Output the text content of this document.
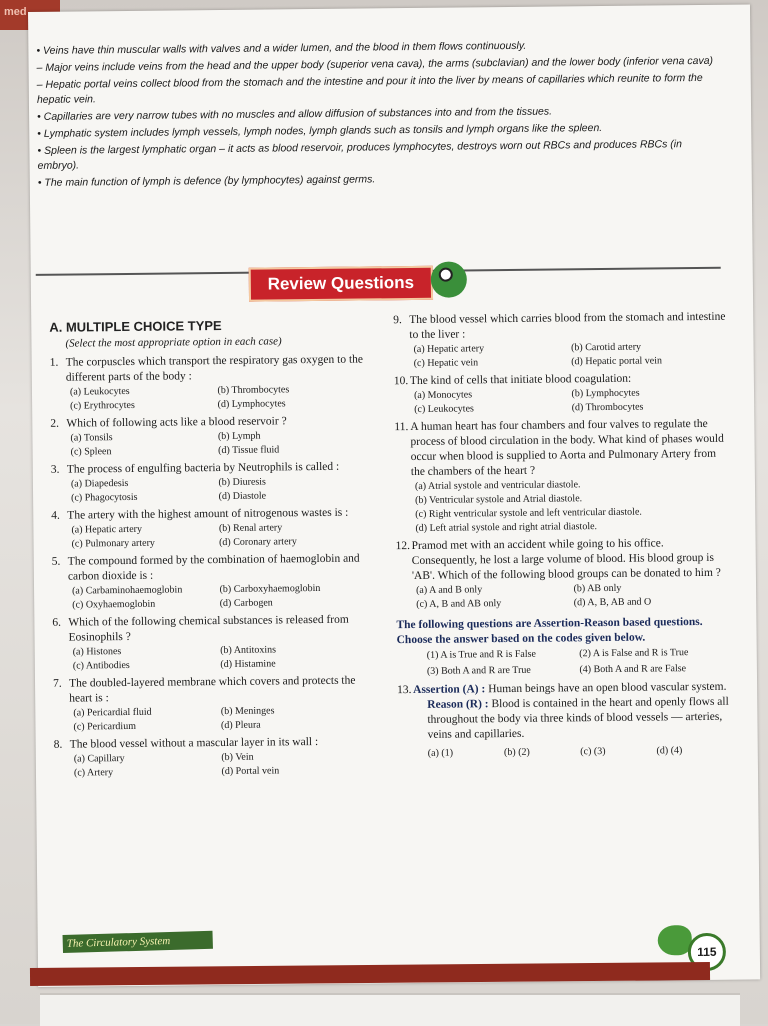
med
• Veins have thin muscular walls with valves and a wider lumen, and the blood in them flows continuously.
– Major veins include veins from the head and the upper body (superior vena cava), the arms (subclavian) and the lower body (inferior vena cava)
– Hepatic portal veins collect blood from the stomach and the intestine and pour it into the liver by means of capillaries which reunite to form the hepatic vein.
• Capillaries are very narrow tubes with no muscles and allow diffusion of substances into and from the tissues.
• Lymphatic system includes lymph vessels, lymph nodes, lymph glands such as tonsils and lymph organs like the spleen.
• Spleen is the largest lymphatic organ – it acts as blood reservoir, produces lymphocytes, destroys worn out RBCs and produces RBCs (in embryo).
• The main function of lymph is defence (by lymphocytes) against germs.
Review Questions
A. MULTIPLE CHOICE TYPE
(Select the most appropriate option in each case)
1. The corpuscles which transport the respiratory gas oxygen to the different parts of the body :
(a) Leukocytes	(b) Thrombocytes
(c) Erythrocytes	(d) Lymphocytes
2. Which of following acts like a blood reservoir ?
(a) Tonsils	(b) Lymph
(c) Spleen	(d) Tissue fluid
3. The process of engulfing bacteria by Neutrophils is called :
(a) Diapedesis	(b) Diuresis
(c) Phagocytosis	(d) Diastole
4. The artery with the highest amount of nitrogenous wastes is :
(a) Hepatic artery	(b) Renal artery
(c) Pulmonary artery	(d) Coronary artery
5. The compound formed by the combination of haemoglobin and carbon dioxide is :
(a) Carbaminohaemoglobin	(b) Carboxyhaemoglobin
(c) Oxyhaemoglobin	(d) Carbogen
6. Which of the following chemical substances is released from Eosinophils ?
(a) Histones	(b) Antitoxins
(c) Antibodies	(d) Histamine
7. The doubled-layered membrane which covers and protects the heart is :
(a) Pericardial fluid	(b) Meninges
(c) Pericardium	(d) Pleura
8. The blood vessel without a mascular layer in its wall :
(a) Capillary	(b) Vein
(c) Artery	(d) Portal vein
9. The blood vessel which carries blood from the stomach and intestine to the liver :
(a) Hepatic artery	(b) Carotid artery
(c) Hepatic vein	(d) Hepatic portal vein
10. The kind of cells that initiate blood coagulation:
(a) Monocytes	(b) Lymphocytes
(c) Leukocytes	(d) Thrombocytes
11. A human heart has four chambers and four valves to regulate the process of blood circulation in the body. What kind of phases would occur when blood is supplied to Aorta and Pulmonary Artery from the chambers of the heart ?
(a) Atrial systole and ventricular diastole.
(b) Ventricular systole and Atrial diastole.
(c) Right ventricular systole and left ventricular diastole.
(d) Left atrial systole and right atrial diastole.
12. Pramod met with an accident while going to his office. Consequently, he lost a large volume of blood. His blood group is 'AB'. Which of the following blood groups can be donated to him ?
(a) A and B only	(b) AB only
(c) A, B and AB only	(d) A, B, AB and O
The following questions are Assertion-Reason based questions. Choose the answer based on the codes given below.
(1) A is True and R is False	(2) A is False and R is True
(3) Both A and R are True	(4) Both A and R are False
13. Assertion (A) : Human beings have an open blood vascular system.
Reason (R) : Blood is contained in the heart and openly flows all throughout the body via three kinds of blood vessels — arteries, veins and capillaries.
(a) (1)	(b) (2)	(c) (3)	(d) (4)
The Circulatory System
115
